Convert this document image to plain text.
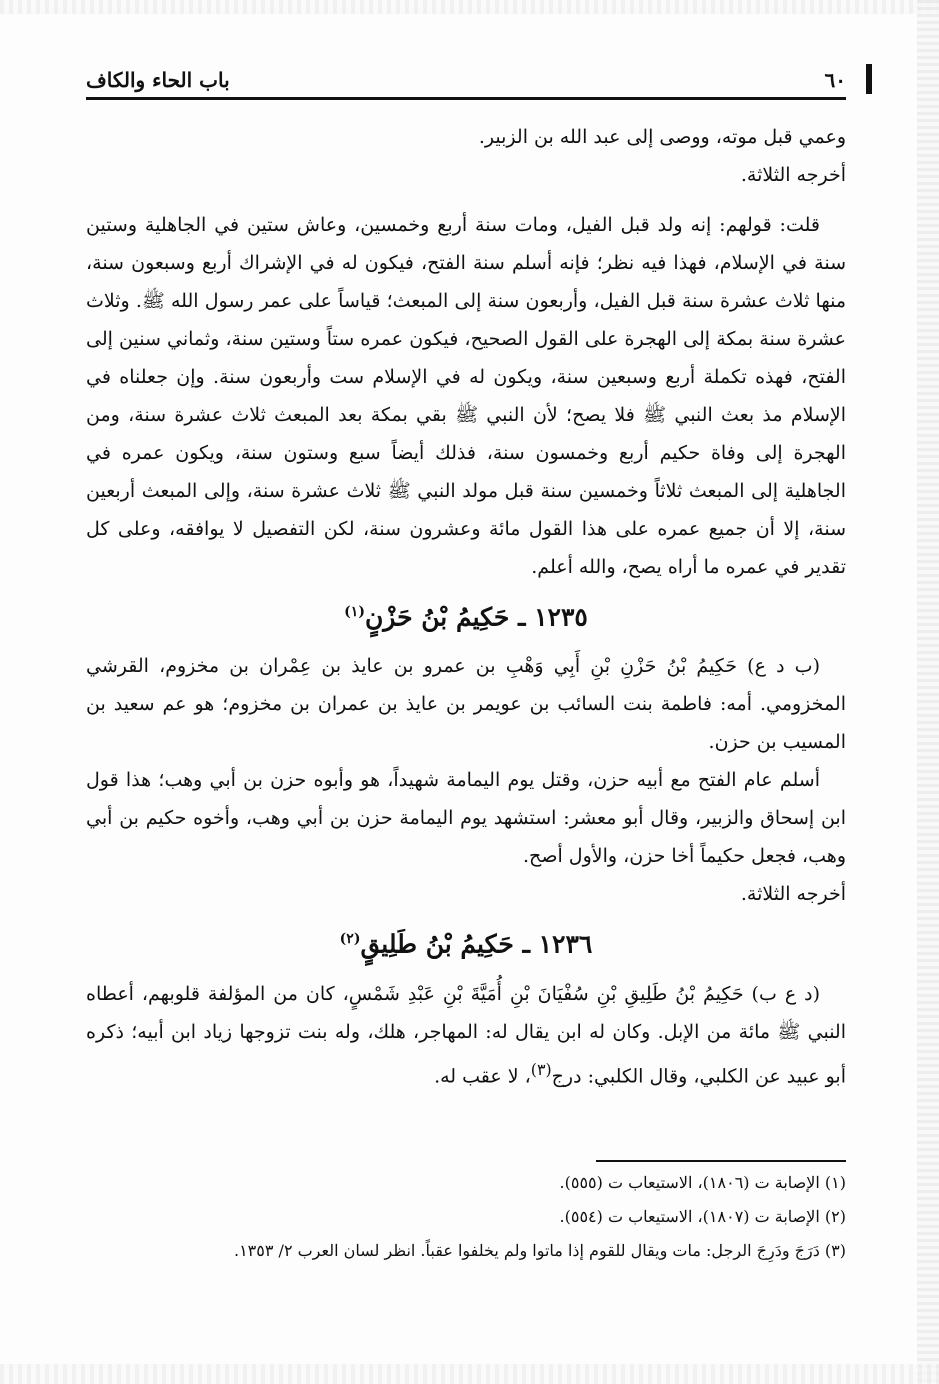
٦٠
باب الحاء والكاف

وعمي قبل موته، ووصى إلى عبد الله بن الزبير.

أخرجه الثلاثة.

قلت: قولهم: إنه ولد قبل الفيل، ومات سنة أربع وخمسين، وعاش ستين في الجاهلية وستين سنة في الإسلام، فهذا فيه نظر؛ فإنه أسلم سنة الفتح، فيكون له في الإشراك أربع وسبعون سنة، منها ثلاث عشرة سنة قبل الفيل، وأربعون سنة إلى المبعث؛ قياساً على عمر رسول الله ﷺ. وثلاث عشرة سنة بمكة إلى الهجرة على القول الصحيح، فيكون عمره ستاً وستين سنة، وثماني سنين إلى الفتح، فهذه تكملة أربع وسبعين سنة، ويكون له في الإسلام ست وأربعون سنة. وإن جعلناه في الإسلام مذ بعث النبي ﷺ فلا يصح؛ لأن النبي ﷺ بقي بمكة بعد المبعث ثلاث عشرة سنة، ومن الهجرة إلى وفاة حكيم أربع وخمسون سنة، فذلك أيضاً سبع وستون سنة، ويكون عمره في الجاهلية إلى المبعث ثلاثاً وخمسين سنة قبل مولد النبي ﷺ ثلاث عشرة سنة، وإلى المبعث أربعين سنة، إلا أن جميع عمره على هذا القول مائة وعشرون سنة، لكن التفصيل لا يوافقه، وعلى كل تقدير في عمره ما أراه يصح، والله أعلم.

١٢٣٥ ـ حَكِيمُ بْنُ حَزْنٍ$^{(١)}$

(ب د ع) حَكِيمُ بْنُ حَزْنِ بْنِ أَبِي وَهْبِ بن عمرو بن عايذ بن عِمْران بن مخزوم، القرشي المخزومي. أمه: فاطمة بنت السائب بن عويمر بن عايذ بن عمران بن مخزوم؛ هو عم سعيد بن المسيب بن حزن.

أسلم عام الفتح مع أبيه حزن، وقتل يوم اليمامة شهيداً، هو وأبوه حزن بن أبي وهب؛ هذا قول ابن إسحاق والزبير، وقال أبو معشر: استشهد يوم اليمامة حزن بن أبي وهب، وأخوه حكيم بن أبي وهب، فجعل حكيماً أخا حزن، والأول أصح.

أخرجه الثلاثة.

١٢٣٦ ـ حَكِيمُ بْنُ طَلِيقٍ$^{(٢)}$

(د ع ب) حَكِيمُ بْنُ طَلِيقِ بْنِ سُفْيَانَ بْنِ أُمَيَّةَ بْنِ عَبْدِ شَمْسٍ، كان من المؤلفة قلوبهم، أعطاه النبي ﷺ مائة من الإبل. وكان له ابن يقال له: المهاجر، هلك، وله بنت تزوجها زياد ابن أبيه؛ ذكره أبو عبيد عن الكلبي، وقال الكلبي: درج$^{(٣)}$، لا عقب له.

(١) الإصابة ت (١٨٠٦)، الاستيعاب ت (٥٥٥).

(٢) الإصابة ت (١٨٠٧)، الاستيعاب ت (٥٥٤).

(٣) دَرَجَ ودَرِجَ الرجل: مات ويقال للقوم إذا ماتوا ولم يخلفوا عقباً. انظر لسان العرب ٢/ ١٣٥٣.
